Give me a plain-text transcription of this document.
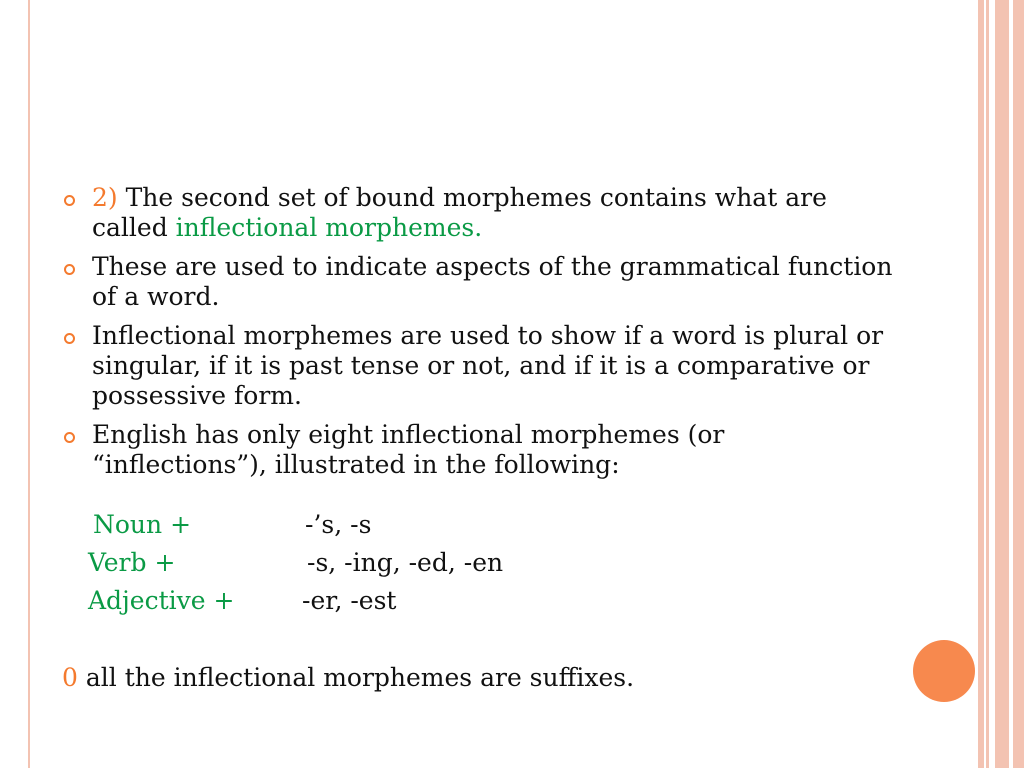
2) The second set of bound morphemes contains what are called inflectional morphemes.
These are used to indicate aspects of the grammatical function of a word.
Inflectional morphemes are used to show if a word is plural or singular, if it is past tense or not, and if it is a comparative or possessive form.
English has only eight inflectional morphemes (or “inflections”), illustrated in the following:
Noun +	-’s, -s
Verb +	-s, -ing, -ed, -en
Adjective +	-er, -est
0 all the inflectional morphemes are suffixes.
